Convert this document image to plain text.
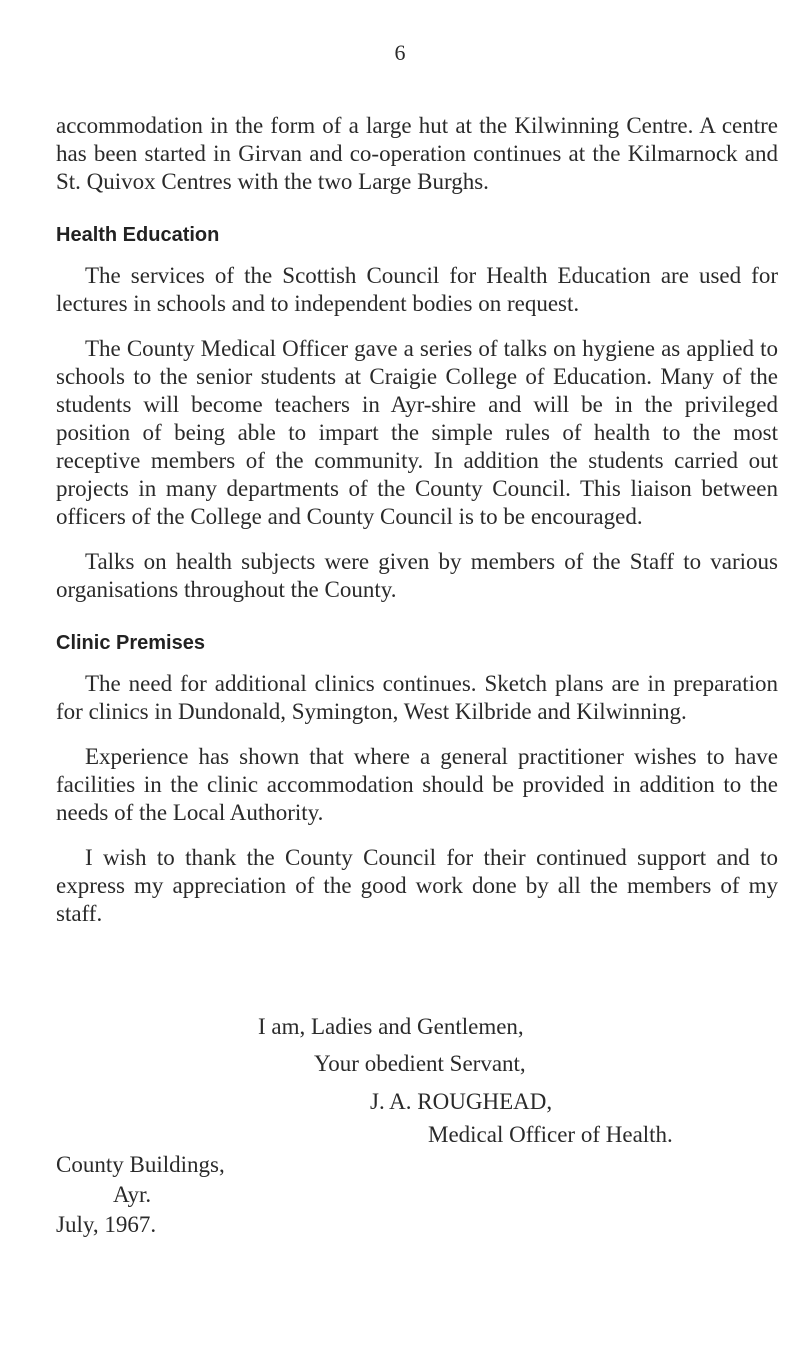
6

accommodation in the form of a large hut at the Kilwinning Centre. A centre has been started in Girvan and co-operation continues at the Kilmarnock and St. Quivox Centres with the two Large Burghs.

Health Education

The services of the Scottish Council for Health Education are used for lectures in schools and to independent bodies on request.

The County Medical Officer gave a series of talks on hygiene as applied to schools to the senior students at Craigie College of Education. Many of the students will become teachers in Ayr-shire and will be in the privileged position of being able to impart the simple rules of health to the most receptive members of the community. In addition the students carried out projects in many departments of the County Council. This liaison between officers of the College and County Council is to be encouraged.

Talks on health subjects were given by members of the Staff to various organisations throughout the County.

Clinic Premises

The need for additional clinics continues. Sketch plans are in preparation for clinics in Dundonald, Symington, West Kilbride and Kilwinning.

Experience has shown that where a general practitioner wishes to have facilities in the clinic accommodation should be provided in addition to the needs of the Local Authority.

I wish to thank the County Council for their continued support and to express my appreciation of the good work done by all the members of my staff.

I am, Ladies and Gentlemen,
Your obedient Servant,
J. A. ROUGHEAD,
Medical Officer of Health.
County Buildings,
Ayr.
July, 1967.
